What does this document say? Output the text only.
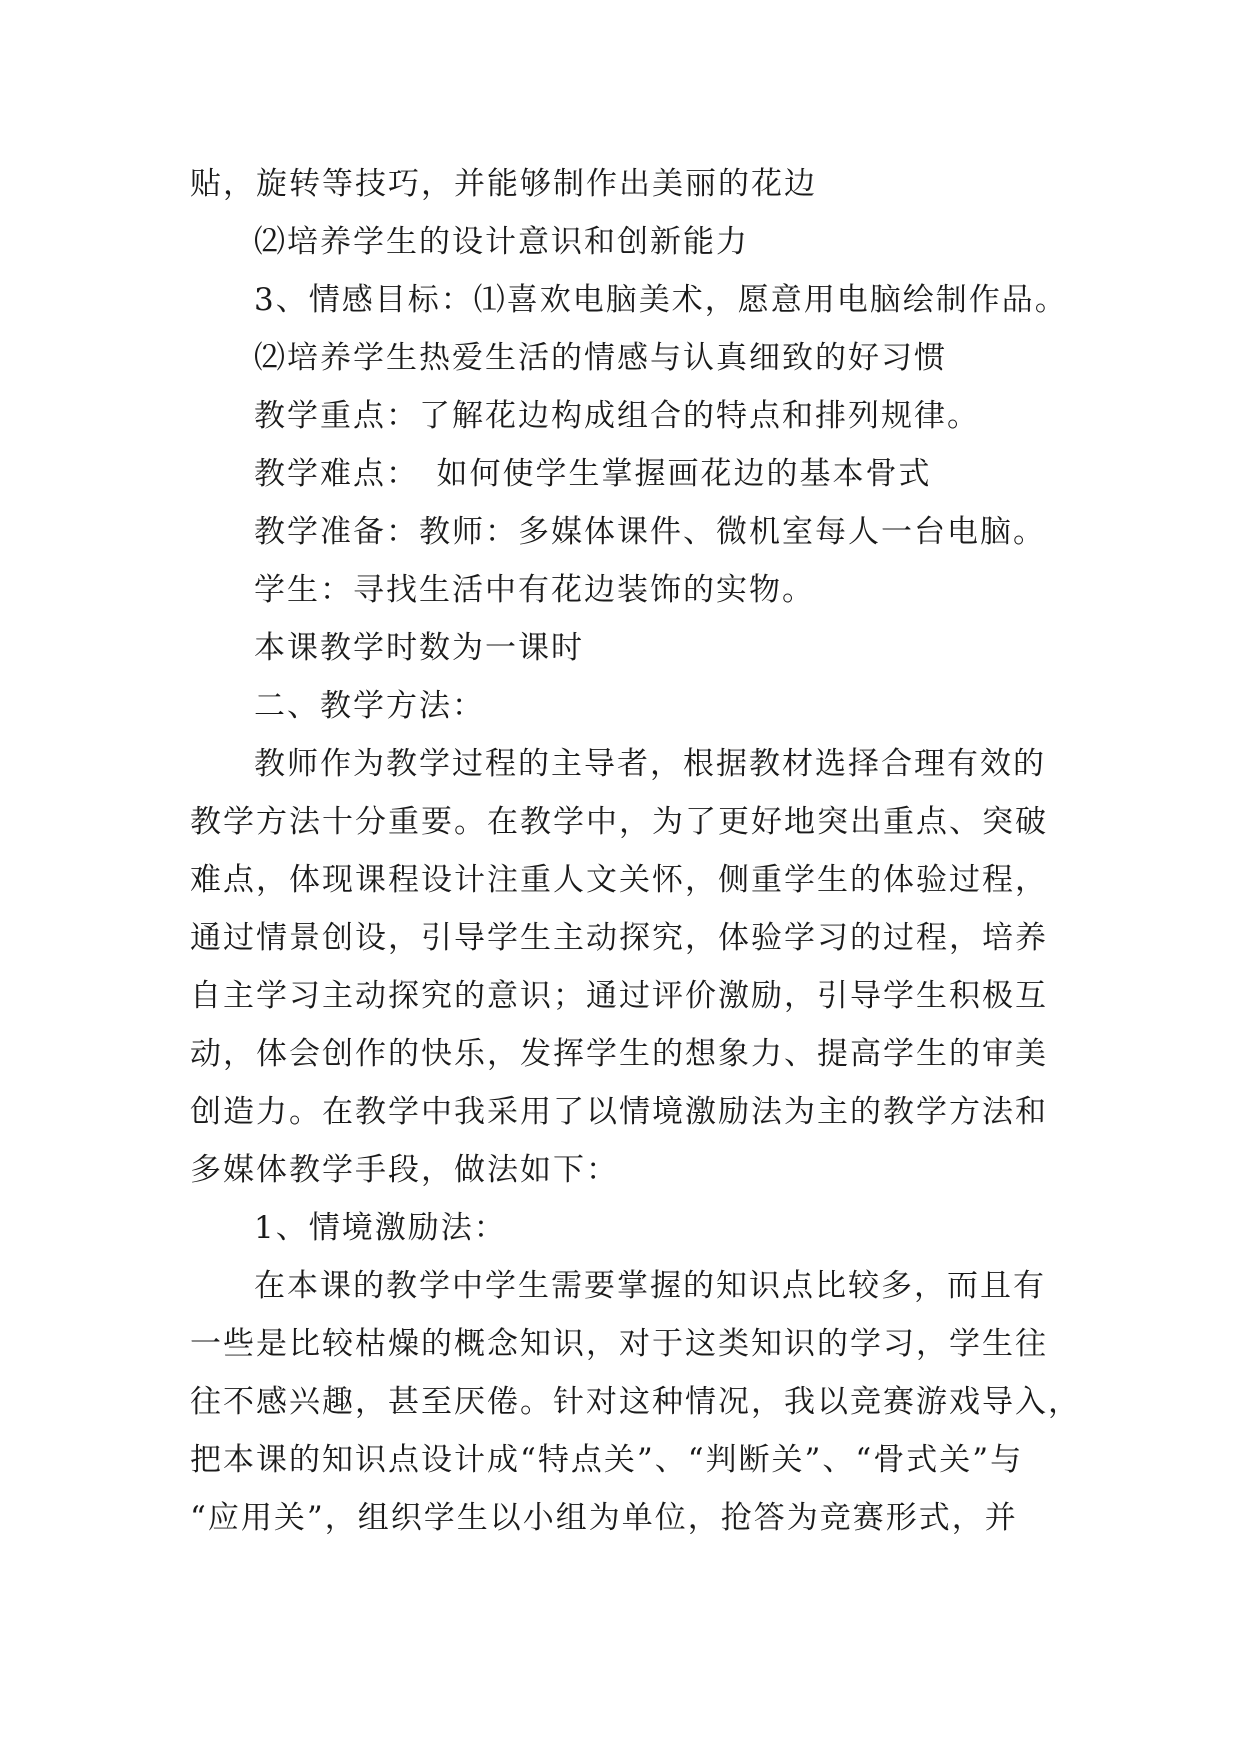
贴，旋转等技巧，并能够制作出美丽的花边
⑵培养学生的设计意识和创新能力
3、情感目标：⑴喜欢电脑美术，愿意用电脑绘制作品。
⑵培养学生热爱生活的情感与认真细致的好习惯
教学重点：了解花边构成组合的特点和排列规律。
教学难点：　如何使学生掌握画花边的基本骨式
教学准备：教师：多媒体课件、微机室每人一台电脑。
学生：寻找生活中有花边装饰的实物。
本课教学时数为一课时
二、教学方法：
教师作为教学过程的主导者，根据教材选择合理有效的
教学方法十分重要。在教学中，为了更好地突出重点、突破
难点，体现课程设计注重人文关怀，侧重学生的体验过程，
通过情景创设，引导学生主动探究，体验学习的过程，培养
自主学习主动探究的意识；通过评价激励，引导学生积极互
动，体会创作的快乐，发挥学生的想象力、提高学生的审美
创造力。在教学中我采用了以情境激励法为主的教学方法和
多媒体教学手段，做法如下：
1、情境激励法：
在本课的教学中学生需要掌握的知识点比较多，而且有
一些是比较枯燥的概念知识，对于这类知识的学习，学生往
往不感兴趣，甚至厌倦。针对这种情况，我以竞赛游戏导入，
把本课的知识点设计成“特点关”、“判断关”、“骨式关”与
“应用关”，组织学生以小组为单位，抢答为竞赛形式，并
